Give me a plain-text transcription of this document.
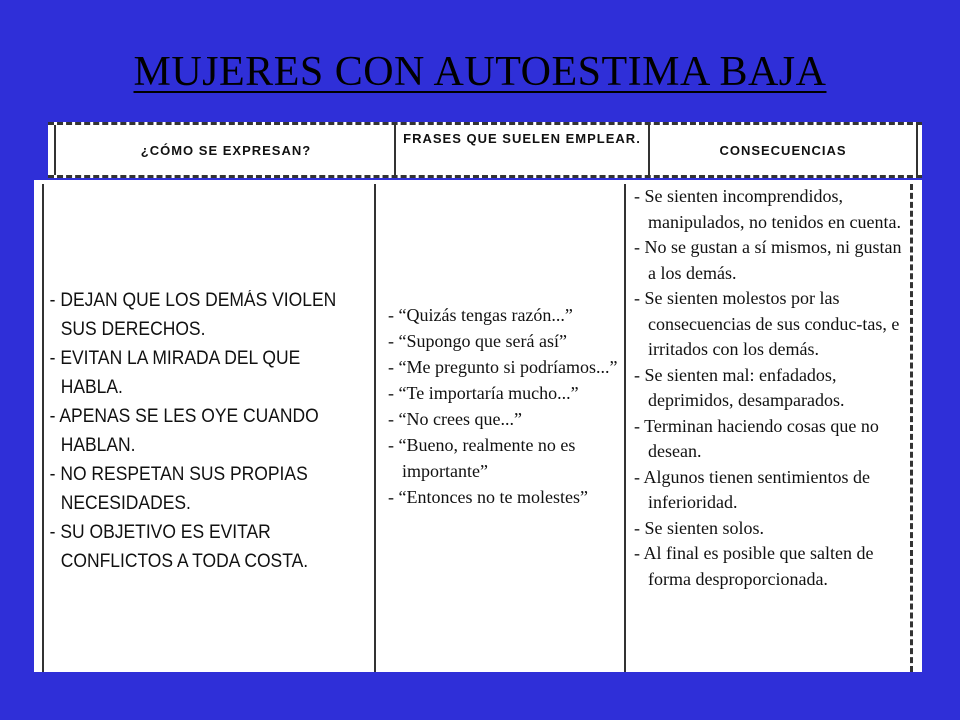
MUJERES CON AUTOESTIMA BAJA
¿CÓMO SE EXPRESAN?
FRASES QUE SUELEN EMPLEAR.
CONSECUENCIAS
- DEJAN QUE LOS DEMÁS VIOLEN SUS DERECHOS.
- EVITAN LA MIRADA DEL QUE HABLA.
- APENAS SE LES OYE CUANDO HABLAN.
- NO RESPETAN SUS PROPIAS NECESIDADES.
- SU OBJETIVO ES EVITAR CONFLICTOS A TODA COSTA.
- “Quizás tengas razón...”
- “Supongo que será así”
- “Me pregunto si podríamos...”
- “Te importaría mucho...”
- “No crees que...”
- “Bueno, realmente no es importante”
- “Entonces no te molestes”
- Se sienten incomprendidos, manipulados, no tenidos en cuenta.
- No se gustan a sí mismos, ni gustan a los demás.
- Se sienten molestos por las consecuencias de sus conduc-tas, e irritados con los demás.
- Se sienten mal: enfadados, deprimidos, desamparados.
- Terminan haciendo cosas que no desean.
- Algunos tienen sentimientos de inferioridad.
- Se sienten solos.
- Al final es posible que salten de forma desproporcionada.
